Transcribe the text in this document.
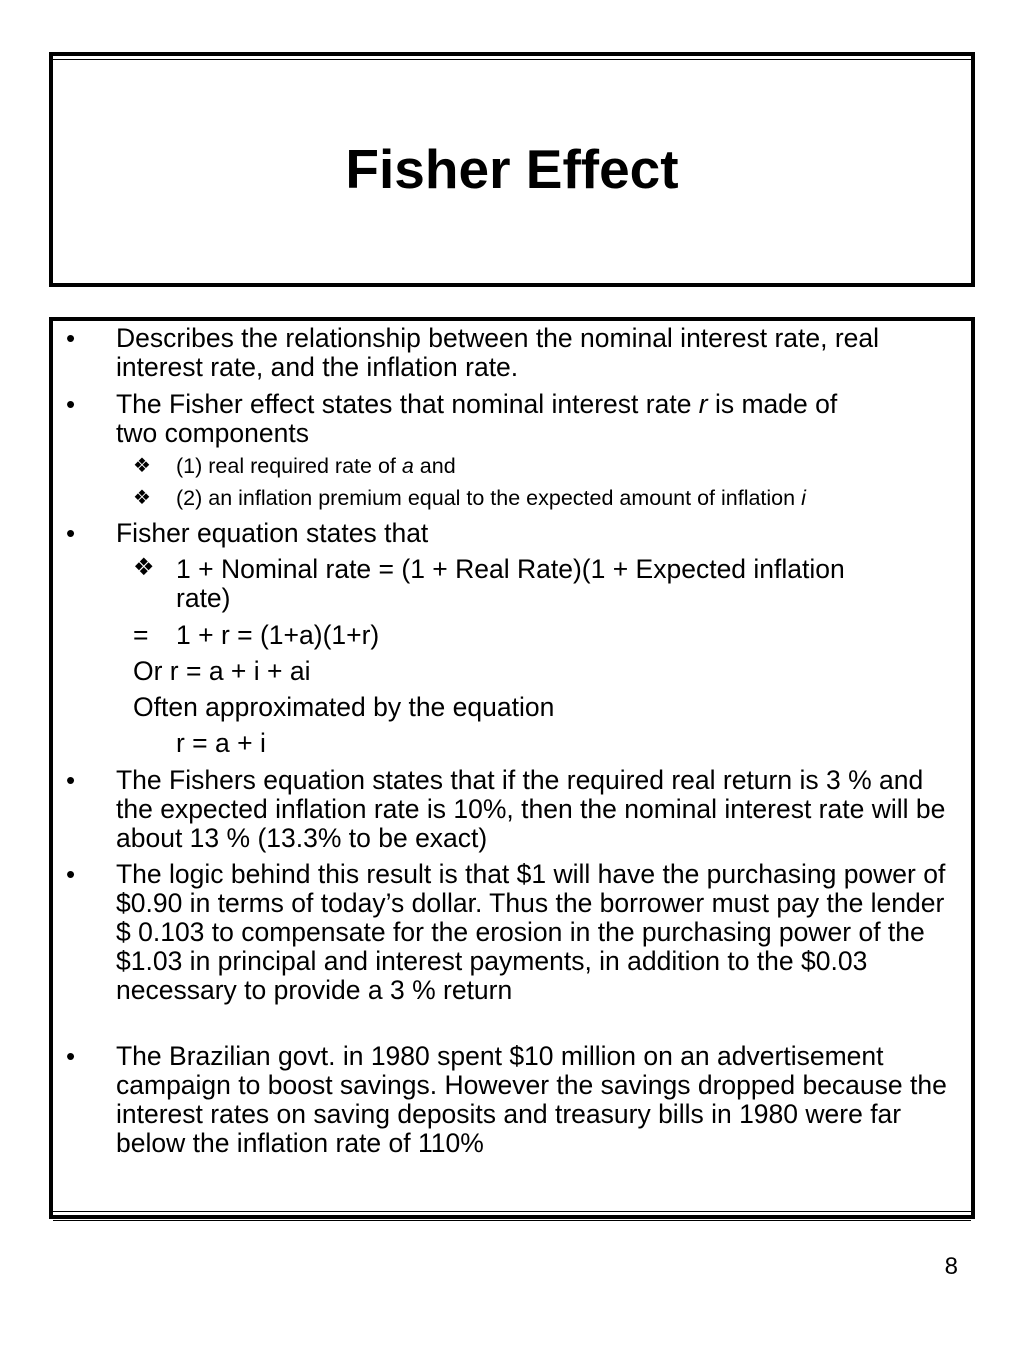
Fisher Effect
• Describes the relationship between the nominal interest rate, real interest rate, and the inflation rate.
• The Fisher effect states that nominal interest rate r is made of
two components
❖ (1) real required rate of a and
❖ (2) an inflation premium equal to the expected amount of inflation i
• Fisher equation states that
❖ 1 + Nominal rate = (1 + Real Rate)(1 + Expected inflation
rate)
= 1 + r = (1+a)(1+r)
Or r = a + i + ai
Often approximated by the equation
r = a + i
• The Fishers equation states that if the required real return is 3 % and the expected inflation rate is 10%, then the nominal interest rate will be about 13 % (13.3% to be exact)
• The logic behind this result is that $1 will have the purchasing power of $0.90 in terms of today’s dollar. Thus the borrower must pay the lender $ 0.103 to compensate for the erosion in the purchasing power of the $1.03 in principal and interest payments, in addition to the $0.03 necessary to provide a 3 % return
• The Brazilian govt. in 1980 spent $10 million on an advertisement campaign to boost savings. However the savings dropped because the interest rates on saving deposits and treasury bills in 1980 were far below the inflation rate of 110%
8
